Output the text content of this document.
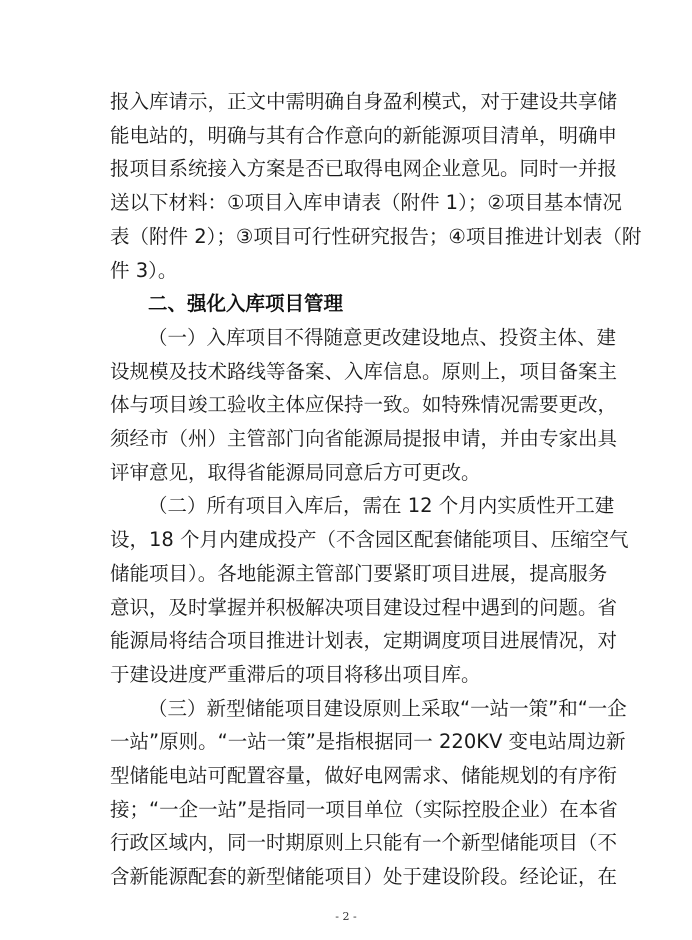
报入库请示，正文中需明确自身盈利模式，对于建设共享储
能电站的，明确与其有合作意向的新能源项目清单，明确申
报项目系统接入方案是否已取得电网企业意见。同时一并报
送以下材料：①项目入库申请表（附件 1）；②项目基本情况
表（附件 2）；③项目可行性研究报告；④项目推进计划表（附
件 3）。
二、强化入库项目管理
（一）入库项目不得随意更改建设地点、投资主体、建
设规模及技术路线等备案、入库信息。原则上，项目备案主
体与项目竣工验收主体应保持一致。如特殊情况需要更改，
须经市（州）主管部门向省能源局提报申请，并由专家出具
评审意见，取得省能源局同意后方可更改。
（二）所有项目入库后，需在 12 个月内实质性开工建
设，18 个月内建成投产（不含园区配套储能项目、压缩空气
储能项目）。各地能源主管部门要紧盯项目进展，提高服务
意识，及时掌握并积极解决项目建设过程中遇到的问题。省
能源局将结合项目推进计划表，定期调度项目进展情况，对
于建设进度严重滞后的项目将移出项目库。
（三）新型储能项目建设原则上采取“一站一策”和“一企
一站”原则。“一站一策”是指根据同一 220KV 变电站周边新
型储能电站可配置容量，做好电网需求、储能规划的有序衔
接；“一企一站”是指同一项目单位（实际控股企业）在本省
行政区域内，同一时期原则上只能有一个新型储能项目（不
含新能源配套的新型储能项目）处于建设阶段。经论证，在
- 2 -
